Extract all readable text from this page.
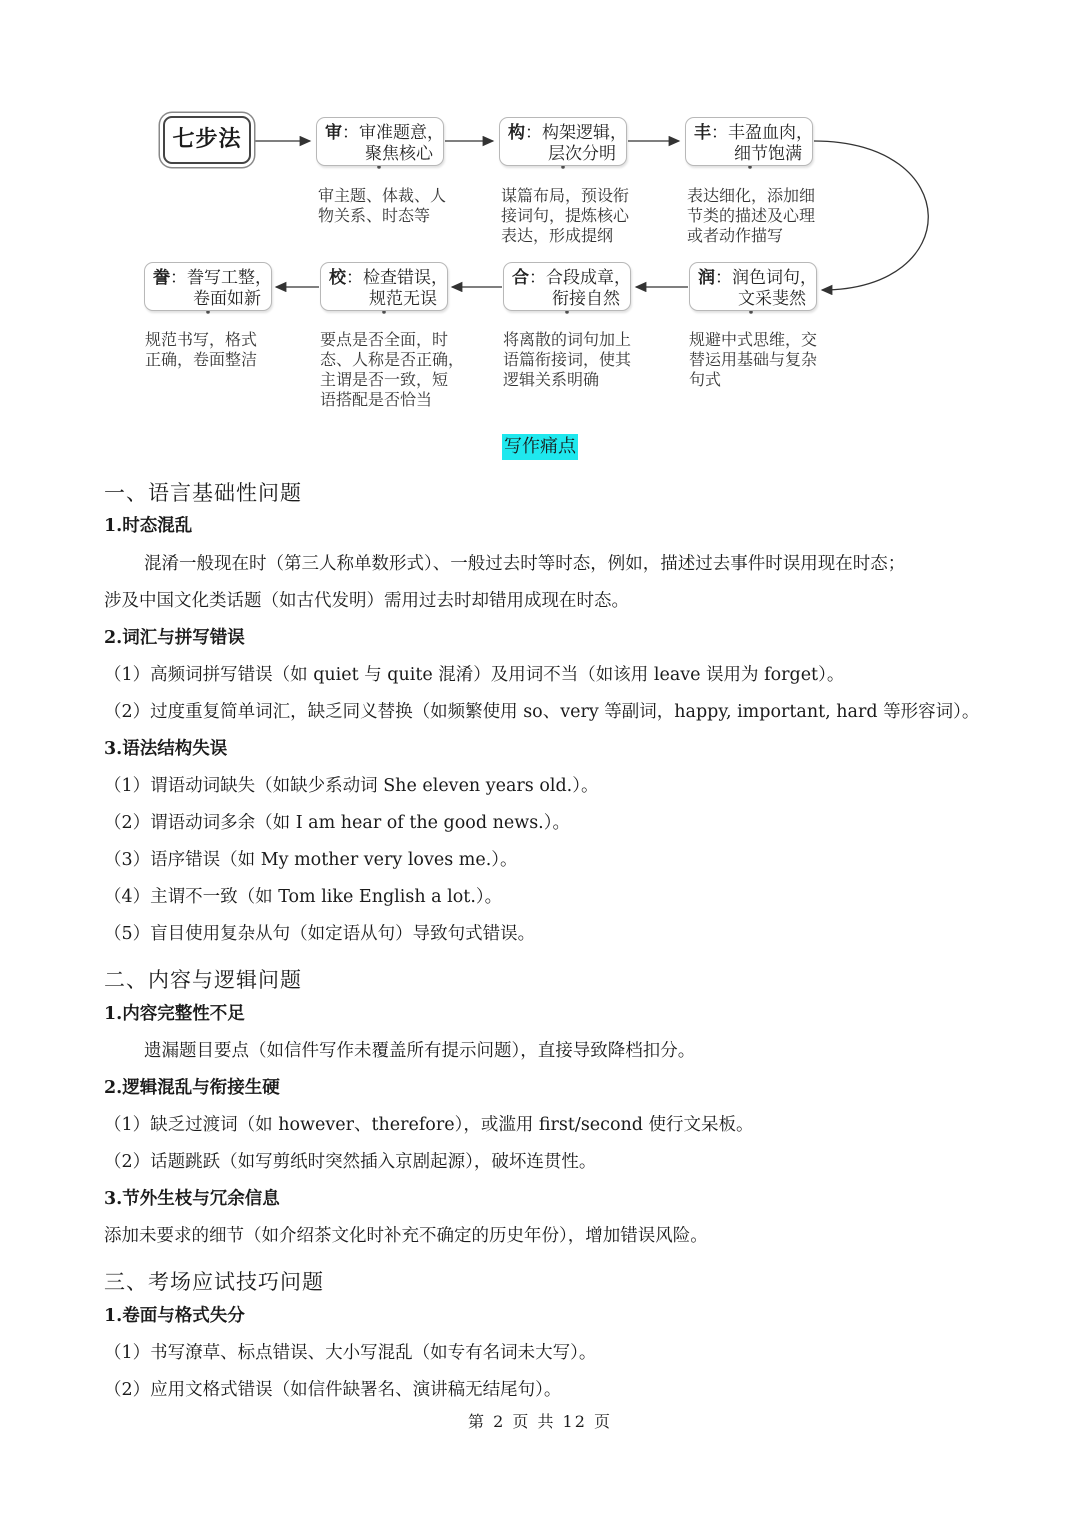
七步法	审：审准题意，
聚焦核心
构：构架逻辑，
层次分明
丰：丰盈血肉，
细节饱满
审主题、体裁、人
物关系、时态等
谋篇布局，预设衔
接词句，提炼核心
表达，形成提纲
表达细化，添加细
节类的描述及心理
或者动作描写
润：润色词句，
文采斐然
合：合段成章，
衔接自然
校：检查错误，
规范无误
誊：誊写工整，
卷面如新
规避中式思维，交
替运用基础与复杂
句式
将离散的词句加上
语篇衔接词，使其
逻辑关系明确
要点是否全面，时
态、人称是否正确，
主谓是否一致，短
语搭配是否恰当
规范书写，格式
正确，卷面整洁
写作痛点
一、语言基础性问题
1.时态混乱
混淆一般现在时（第三人称单数形式）、一般过去时等时态，例如，描述过去事件时误用现在时态；
涉及中国文化类话题（如古代发明）需用过去时却错用成现在时态。
2.词汇与拼写错误
（1）高频词拼写错误（如 quiet 与 quite 混淆）及用词不当（如该用 leave 误用为 forget）。
（2）过度重复简单词汇，缺乏同义替换（如频繁使用 so、very 等副词，happy, important, hard 等形容词）。
3.语法结构失误
（1）谓语动词缺失（如缺少系动词 She eleven years old.）。
（2）谓语动词多余（如 I am hear of the good news.）。
（3）语序错误（如 My mother very loves me.）。
（4）主谓不一致（如 Tom like English a lot.）。
（5）盲目使用复杂从句（如定语从句）导致句式错误。
二、内容与逻辑问题
1.内容完整性不足
遗漏题目要点（如信件写作未覆盖所有提示问题），直接导致降档扣分。
2.逻辑混乱与衔接生硬
（1）缺乏过渡词（如 however、therefore），或滥用 first/second 使行文呆板。
（2）话题跳跃（如写剪纸时突然插入京剧起源），破坏连贯性。
3.节外生枝与冗余信息
添加未要求的细节（如介绍茶文化时补充不确定的历史年份），增加错误风险。
三、考场应试技巧问题
1.卷面与格式失分
（1）书写潦草、标点错误、大小写混乱（如专有名词未大写）。
（2）应用文格式错误（如信件缺署名、演讲稿无结尾句）。
第 2 页 共 12 页
